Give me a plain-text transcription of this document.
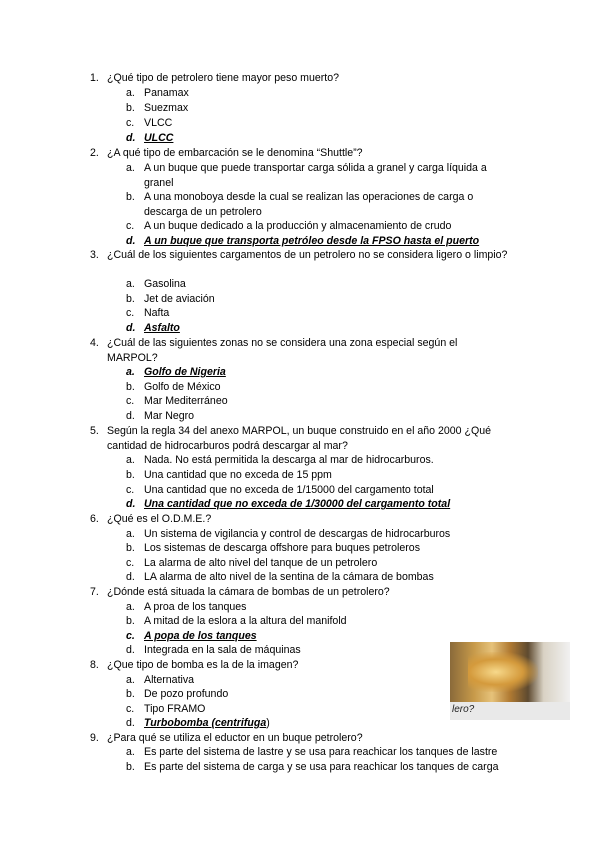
1. ¿Qué tipo de petrolero tiene mayor peso muerto?
a. Panamax
b. Suezmax
c. VLCC
d. ULCC
2. ¿A qué tipo de embarcación se le denomina “Shuttle”?
a. A un buque que puede transportar carga sólida a granel y carga líquida a granel
b. A una monoboya desde la cual se realizan las operaciones de carga o descarga de un petrolero
c. A un buque dedicado a la producción y almacenamiento de crudo
d. A un buque que transporta petróleo desde la FPSO hasta el puerto
3. ¿Cuál de los siguientes cargamentos de un petrolero no se considera ligero o limpio?
a. Gasolina
b. Jet de aviación
c. Nafta
d. Asfalto
4. ¿Cuál de las siguientes zonas no se considera una zona especial según el MARPOL?
a. Golfo de Nigeria
b. Golfo de México
c. Mar Mediterráneo
d. Mar Negro
5. Según la regla 34 del anexo MARPOL, un buque construido en el año 2000 ¿Qué cantidad de hidrocarburos podrá descargar al mar?
a. Nada. No está permitida la descarga al mar de hidrocarburos.
b. Una cantidad que no exceda de 15 ppm
c. Una cantidad que no exceda de 1/15000 del cargamento total
d. Una cantidad que no exceda de 1/30000 del cargamento total
6. ¿Qué es el O.D.M.E.?
a. Un sistema de vigilancia y control de descargas de hidrocarburos
b. Los sistemas de descarga offshore para buques petroleros
c. La alarma de alto nivel del tanque de un petrolero
d. LA alarma de alto nivel de la sentina de la cámara de bombas
7. ¿Dónde está situada la cámara de bombas de un petrolero?
a. A proa de los tanques
b. A mitad de la eslora a la altura del manifold
c. A popa de los tanques
d. Integrada en la sala de máquinas
lero?
8. ¿Que tipo de bomba es la de la imagen?
a. Alternativa
b. De pozo profundo
c. Tipo FRAMO
d. Turbobomba (centrifuga)
9. ¿Para qué se utiliza el eductor en un buque petrolero?
a. Es parte del sistema de lastre y se usa para reachicar los tanques de lastre
b. Es parte del sistema de carga y se usa para reachicar los tanques de carga
